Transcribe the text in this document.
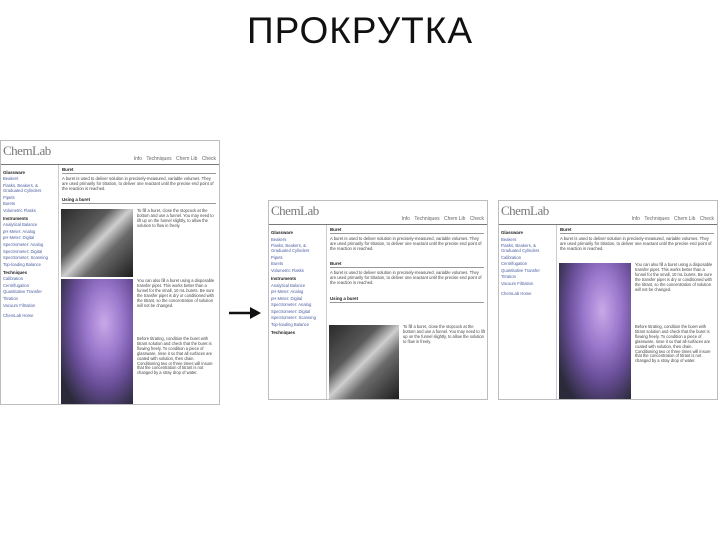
ПРОКРУТКА
ChemLab
Info Techniques Chem Lib Check
Glassware
Beakers
Flasks, Beakers, & Graduated Cylinders
Pipets
Burets
Volumetric Flasks
Instruments
Analytical Balance
pH Meter: Analog
pH Meter: Digital
Spectrometer: Analog
Spectrometer: Digital
Spectrometer: Scanning
Top-loading Balance
Techniques
Calibration
Centrifugation
Quantitative Transfer
Titration
Vacuum Filtration
ChemLab Home
Buret
A buret is used to deliver solution in precisely-measured, variable volumes. They are used primarily for titration, to deliver one reactant until the precise end point of the reaction is reached.
Using a buret
To fill a buret, close the stopcock at the bottom and use a funnel. You may need to lift up on the funnel slightly, to allow the solution to flow in freely.
You can also fill a buret using a disposable transfer pipet. This works better than a funnel for the small, 10 mL burets. Be sure the transfer pipet is dry or conditioned with the titrant, so the concentration of solution will not be changed.
Before titrating, condition the buret with titrant solution and check that the buret is flowing freely. To condition a piece of glassware, rinse it so that all surfaces are coated with solution, then drain. Conditioning two or three times will insure that the concentration of titrant is not changed by a stray drop of water.
ChemLab
Info Techniques Chem Lib Check
Glassware
Beakers
Flasks, Beakers, & Graduated Cylinders
Pipets
Burets
Volumetric Flasks
Instruments
Analytical Balance
pH Meter: Analog
pH Meter: Digital
Spectrometer: Analog
Spectrometer: Digital
Spectrometer: Scanning
Top-loading Balance
Techniques
Buret
A buret is used to deliver solution in precisely-measured, variable volumes. They are used primarily for titration, to deliver one reactant until the precise end point of the reaction is reached.
Buret
A buret is used to deliver solution in precisely-measured, variable volumes. They are used primarily for titration, to deliver one reactant until the precise end point of the reaction is reached.
Using a buret
To fill a buret, close the stopcock at the bottom and use a funnel. You may need to lift up on the funnel slightly, to allow the solution to flow in freely.
ChemLab
Info Techniques Chem Lib Check
Glassware
Beakers
Flasks, Beakers, & Graduated Cylinders
Calibration
Centrifugation
Quantitative Transfer
Titration
Vacuum Filtration
ChemLab Home
Buret
A buret is used to deliver solution in precisely-measured, variable volumes. They are used primarily for titration, to deliver one reactant until the precise end point of the reaction is reached.
You can also fill a buret using a disposable transfer pipet. This works better than a funnel for the small, 10 mL burets. Be sure the transfer pipet is dry or conditioned with the titrant, so the concentration of solution will not be changed.
Before titrating, condition the buret with titrant solution and check that the buret is flowing freely. To condition a piece of glassware, rinse it so that all surfaces are coated with solution, then drain. Conditioning two or three times will insure that the concentration of titrant is not changed by a stray drop of water.
